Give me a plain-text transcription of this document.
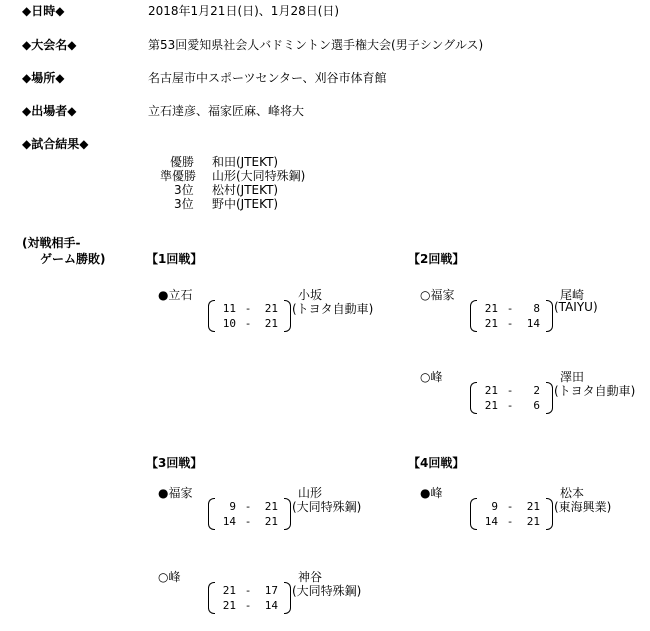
◆日時◆	2018年1月21日(日)、1月28日(日)
◆大会名◆	第53回愛知県社会人バドミントン選手権大会(男子シングルス)
◆場所◆	名古屋市中スポーツセンター、刈谷市体育館
◆出場者◆	立石達彦、福家匠麻、峰将大
◆試合結果◆
優勝 和田(JTEKT)
準優勝 山形(大同特殊鋼)
3位 松村(JTEKT)
3位 野中(JTEKT)
(対戦相手-
ゲーム勝敗)	【1回戦】	【2回戦】
【3回戦】	【4回戦】
●立石	小坂
(トヨタ自動車)
11 - 21
10 - 21
○福家	尾崎
(TAIYU)
21 - 8
21 - 14
○峰	澤田
(トヨタ自動車)
21 - 2
21 - 6
●福家	山形
(大同特殊鋼)
9 - 21
14 - 21
●峰	松本
(東海興業)
9 - 21
14 - 21
○峰	神谷
(大同特殊鋼)
21 - 17
21 - 14
